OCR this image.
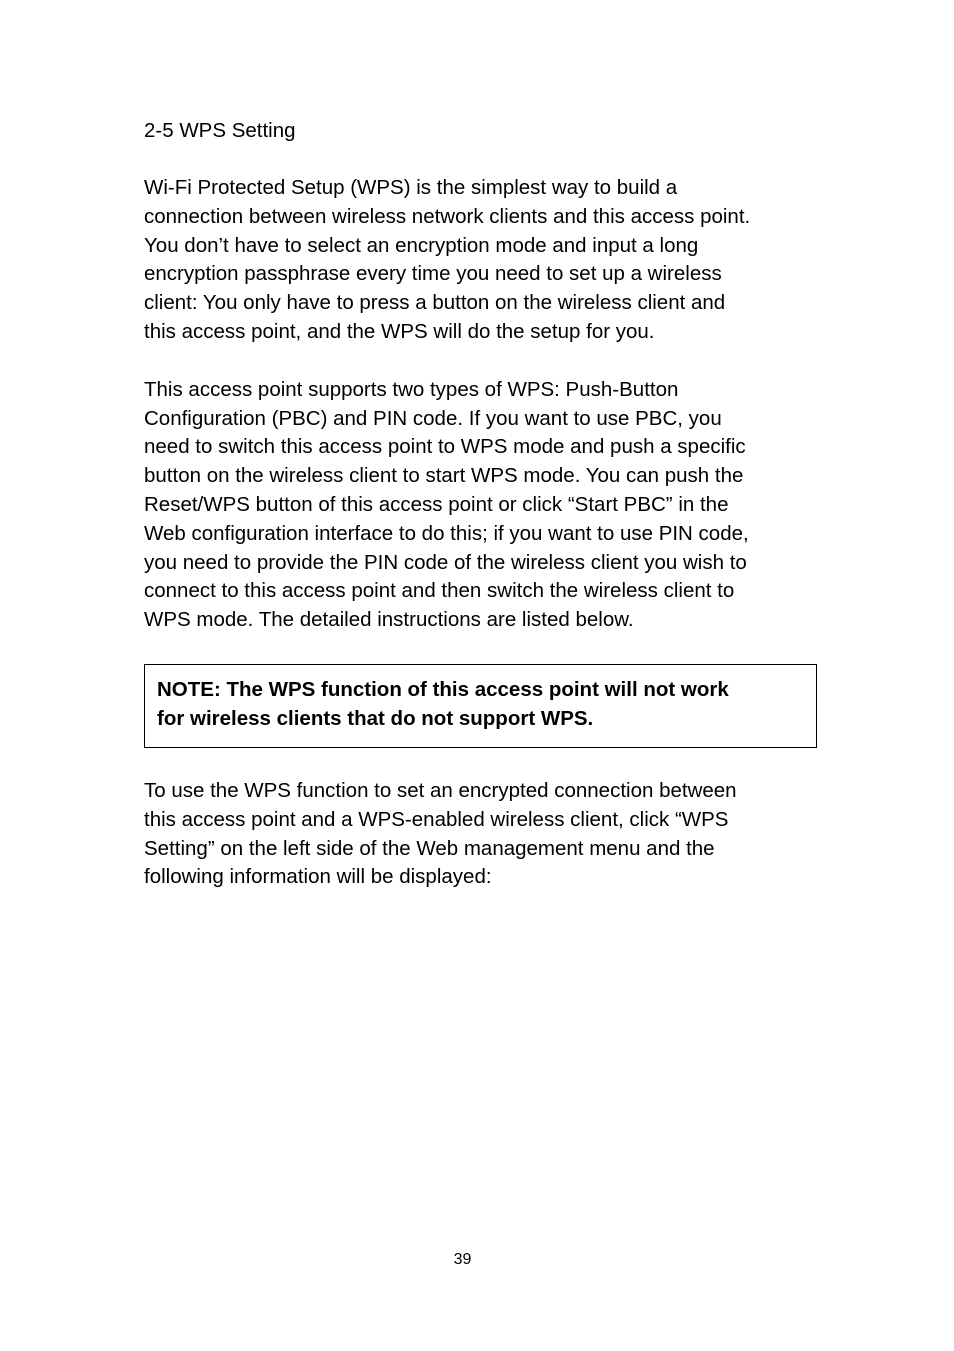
2-5 WPS Setting
Wi-Fi Protected Setup (WPS) is the simplest way to build a
connection between wireless network clients and this access point.
You don’t have to select an encryption mode and input a long
encryption passphrase every time you need to set up a wireless
client: You only have to press a button on the wireless client and
this access point, and the WPS will do the setup for you.
This access point supports two types of WPS: Push-Button
Configuration (PBC) and PIN code. If you want to use PBC, you
need to switch this access point to WPS mode and push a specific
button on the wireless client to start WPS mode. You can push the
Reset/WPS button of this access point or click “Start PBC” in the
Web configuration interface to do this; if you want to use PIN code,
you need to provide the PIN code of the wireless client you wish to
connect to this access point and then switch the wireless client to
WPS mode. The detailed instructions are listed below.
NOTE: The WPS function of this access point will not work
for wireless clients that do not support WPS.
To use the WPS function to set an encrypted connection between
this access point and a WPS-enabled wireless client, click “WPS
Setting” on the left side of the Web management menu and the
following information will be displayed:
39
